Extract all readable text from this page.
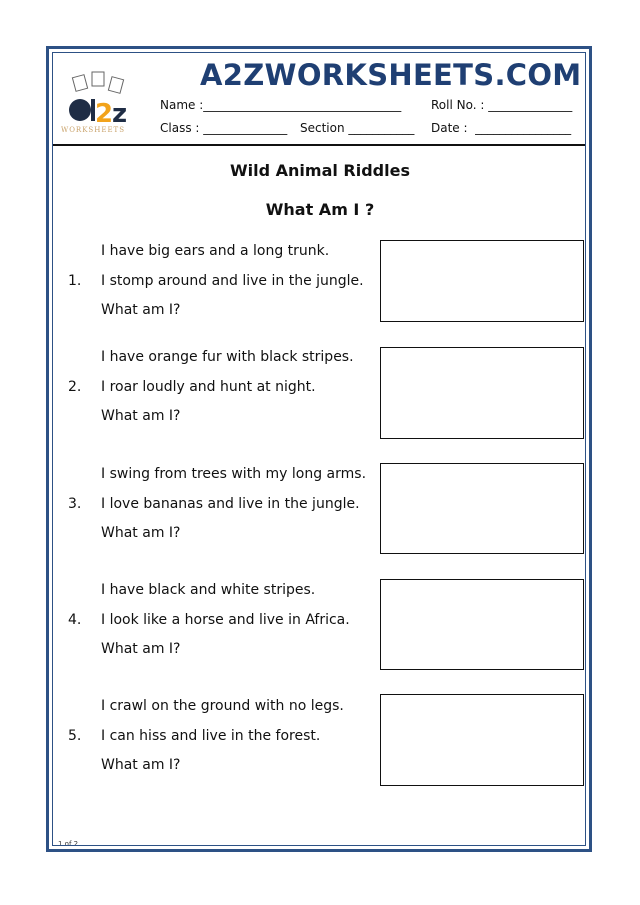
2
z
WORKSHEETS
A2ZWORKSHEETS.COM
Name :_________________________________ Roll No. : ______________
Class : ______________ Section ___________ Date :  ________________
Wild Animal Riddles
What Am I ?
1.
I have big ears and a long trunk.
I stomp around and live in the jungle.
What am I?
2.
I have orange fur with black stripes.
I roar loudly and hunt at night.
What am I?
3.
I swing from trees with my long arms.
I love bananas and live in the jungle.
What am I?
4.
I have black and white stripes.
I look like a horse and live in Africa.
What am I?
5.
I crawl on the ground with no legs.
I can hiss and live in the forest.
What am I?
1 of 2
